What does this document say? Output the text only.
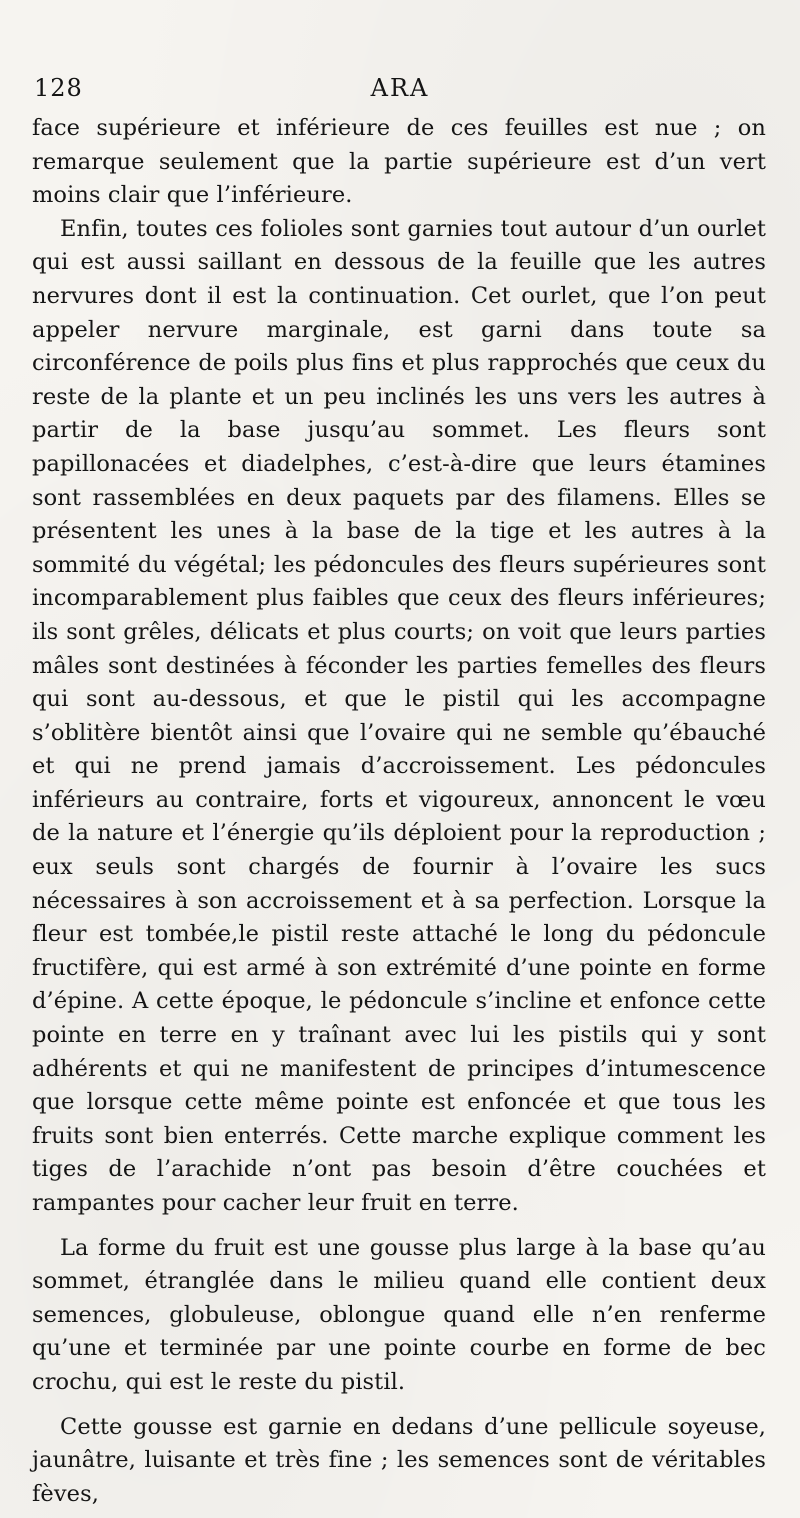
128	ARA

face supérieure et inférieure de ces feuilles est nue ; on remarque seulement que la partie supérieure est d’un vert moins clair que l’inférieure.

Enfin, toutes ces folioles sont garnies tout autour d’un ourlet qui est aussi saillant en dessous de la feuille que les autres nervures dont il est la continuation. Cet ourlet, que l’on peut appeler nervure marginale, est garni dans toute sa circonférence de poils plus fins et plus rapprochés que ceux du reste de la plante et un peu inclinés les uns vers les autres à partir de la base jusqu’au sommet. Les fleurs sont papillonacées et diadelphes, c’est-à-dire que leurs étamines sont rassemblées en deux paquets par des filamens. Elles se présentent les unes à la base de la tige et les autres à la sommité du végétal; les pédoncules des fleurs supérieures sont incomparablement plus faibles que ceux des fleurs inférieures; ils sont grêles, délicats et plus courts; on voit que leurs parties mâles sont destinées à féconder les parties femelles des fleurs qui sont au-dessous, et que le pistil qui les accompagne s’oblitère bientôt ainsi que l’ovaire qui ne semble qu’ébauché et qui ne prend jamais d’accroissement. Les pédoncules inférieurs au contraire, forts et vigoureux, annoncent le vœu de la nature et l’énergie qu’ils déploient pour la reproduction ; eux seuls sont chargés de fournir à l’ovaire les sucs nécessaires à son accroissement et à sa perfection. Lorsque la fleur est tombée,le pistil reste attaché le long du pédoncule fructifère, qui est armé à son extrémité d’une pointe en forme d’épine. A cette époque, le pédoncule s’incline et enfonce cette pointe en terre en y traînant avec lui les pistils qui y sont adhérents et qui ne manifestent de principes d’intumescence que lorsque cette même pointe est enfoncée et que tous les fruits sont bien enterrés. Cette marche explique comment les tiges de l’arachide n’ont pas besoin d’être couchées et rampantes pour cacher leur fruit en terre.

La forme du fruit est une gousse plus large à la base qu’au sommet, étranglée dans le milieu quand elle contient deux semences, globuleuse, oblongue quand elle n’en renferme qu’une et terminée par une pointe courbe en forme de bec crochu, qui est le reste du pistil.

Cette gousse est garnie en dedans d’une pellicule soyeuse, jaunâtre, luisante et très fine ; les semences sont de véritables fèves,
